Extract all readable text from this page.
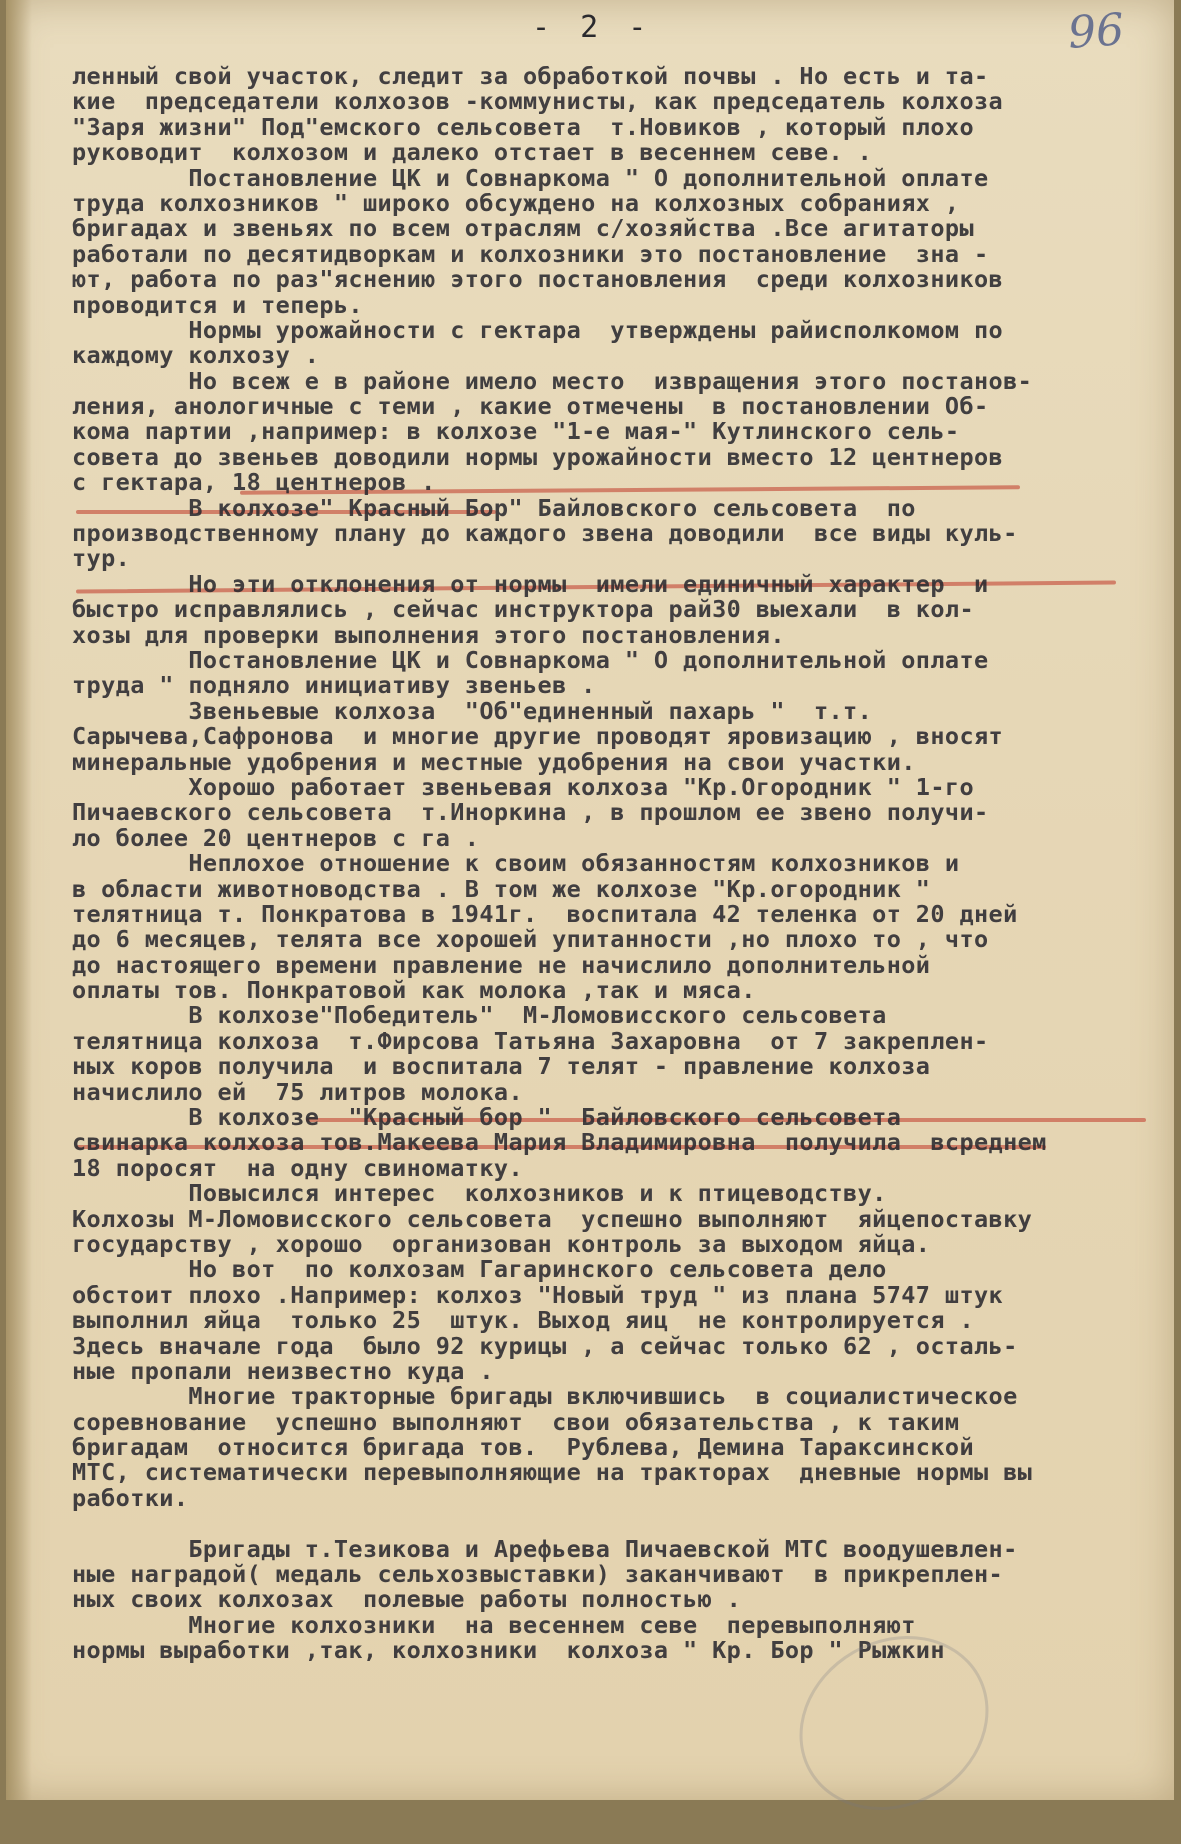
- 2 -	96
ленный свой участок, следит за обработкой почвы . Но есть и та-
кие  председатели колхозов -коммунисты, как председатель колхоза
"Заря жизни" Под"емского сельсовета  т.Новиков , который плохо
руководит  колхозом и далеко отстает в весеннем севе. .
Постановление ЦК и Совнаркома " О дополнительной оплате
труда колхозников " широко обсуждено на колхозных собраниях ,
бригадах и звеньях по всем отраслям с/хозяйства .Все агитаторы
работали по десятидворкам и колхозники это постановление  зна -
ют, работа по раз"яснению этого постановления  среди колхозников
проводится и теперь.
Нормы урожайности с гектара  утверждены райисполкомом по
каждому колхозу .
Но всеж е в районе имело место  извращения этого постанов-
ления, анологичные с теми , какие отмечены  в постановлении Об-
кома партии ,например: в колхозе "1-е мая-" Кутлинского сель-
совета до звеньев доводили нормы урожайности вместо 12 центнеров
с гектара, 18 центнеров .
В колхозе" Красный Бор" Байловского сельсовета  по
производственному плану до каждого звена доводили  все виды куль-
тур.
Но эти отклонения от нормы  имели единичный характер  и
быстро исправлялись , сейчас инструктора рай30 выехали  в кол-
хозы для проверки выполнения этого постановления.
Постановление ЦК и Совнаркома " О дополнительной оплате
труда " подняло инициативу звеньев .
Звеньевые колхоза  "Об"единенный пахарь "  т.т.
Сарычева,Сафронова  и многие другие проводят яровизацию , вносят
минеральные удобрения и местные удобрения на свои участки.
Хорошо работает звеньевая колхоза "Кр.Огородник " 1-го
Пичаевского сельсовета  т.Иноркина , в прошлом ее звено получи-
ло более 20 центнеров с га .
Неплохое отношение к своим обязанностям колхозников и
в области животноводства . В том же колхозе "Кр.огородник "
телятница т. Понкратова в 1941г.  воспитала 42 теленка от 20 дней
до 6 месяцев, телята все хорошей упитанности ,но плохо то , что
до настоящего времени правление не начислило дополнительной
оплаты тов. Понкратовой как молока ,так и мяса.
В колхозе"Победитель"  М-Ломовисского сельсовета
телятница колхоза  т.Фирсова Татьяна Захаровна  от 7 закреплен-
ных коров получила  и воспитала 7 телят - правление колхоза
начислило ей  75 литров молока.
В колхозе  "Красный бор "  Байловского сельсовета
свинарка колхоза тов.Макеева Мария Владимировна  получила  всреднем
18 поросят  на одну свиноматку.
Повысился интерес  колхозников и к птицеводству.
Колхозы М-Ломовисского сельсовета  успешно выполняют  яйцепоставку
государству , хорошо  организован контроль за выходом яйца.
Но вот  по колхозам Гагаринского сельсовета дело
обстоит плохо .Например: колхоз "Новый труд " из плана 5747 штук
выполнил яйца  только 25  штук. Выход яиц  не контролируется .
Здесь вначале года  было 92 курицы , а сейчас только 62 , осталь-
ные пропали неизвестно куда .
Многие тракторные бригады включившись  в социалистическое
соревнование  успешно выполняют  свои обязательства , к таким
бригадам  относится бригада тов.  Рублева, Демина Тараксинской
МТС, систематически перевыполняющие на тракторах  дневные нормы вы
работки.
Бригады т.Тезикова и Арефьева Пичаевской МТС воодушевлен-
ные наградой( медаль сельхозвыставки) заканчивают  в прикреплен-
ных своих колхозах  полевые работы полностью .
Многие колхозники  на весеннем севе  перевыполняют
нормы выработки ,так, колхозники  колхоза " Кр. Бор " Рыжкин
